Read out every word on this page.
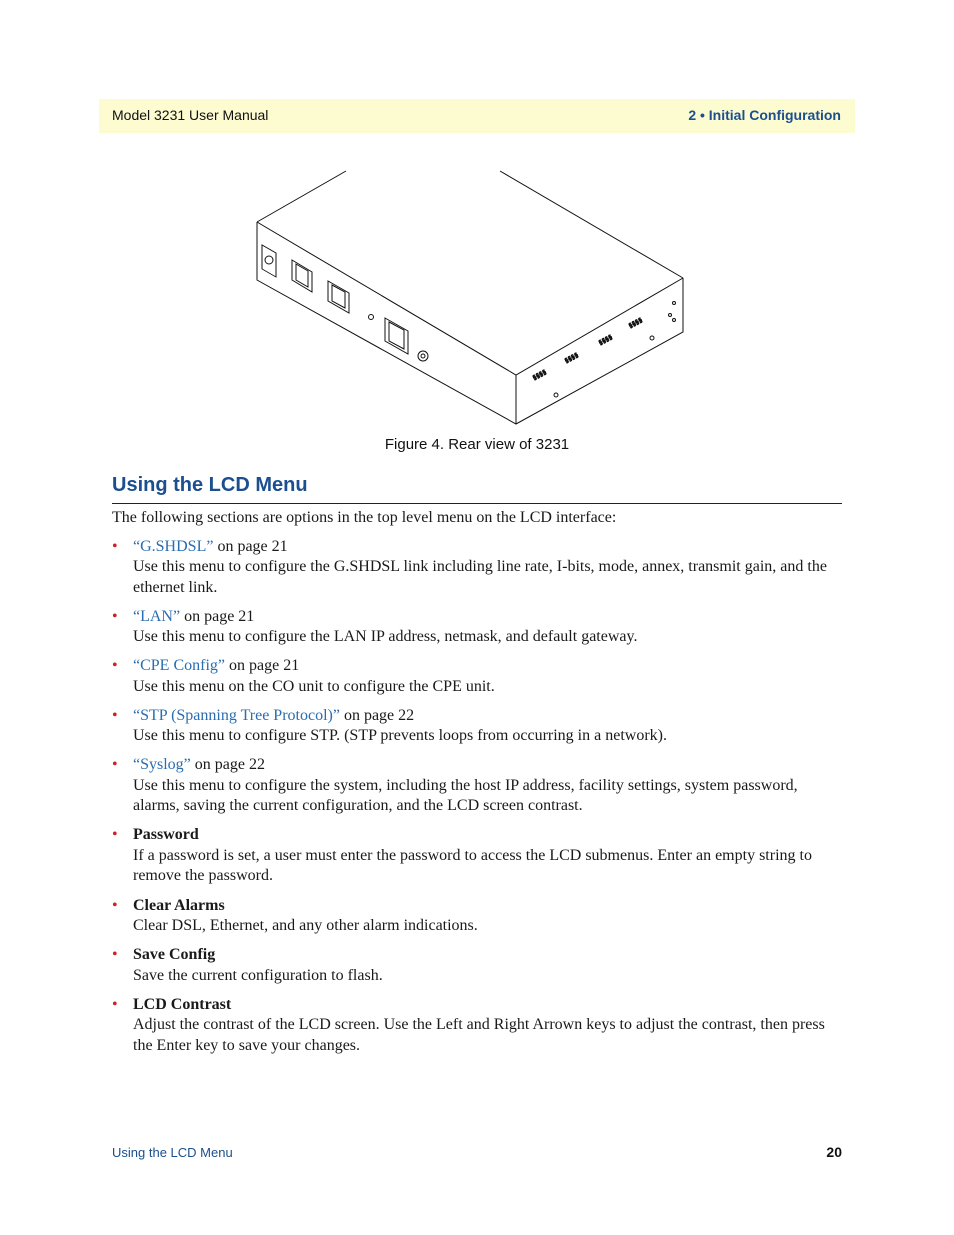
Model 3231 User Manual	2 • Initial Configuration
§§§§
§§§§
§§§§
§§§§
Figure 4. Rear view of 3231
Using the LCD Menu

The following sections are options in the top level menu on the LCD interface:

• “G.SHDSL” on page 21
Use this menu to configure the G.SHDSL link including line rate, I-bits, mode, annex, transmit gain, and the ethernet link.
• “LAN” on page 21
Use this menu to configure the LAN IP address, netmask, and default gateway.
• “CPE Config” on page 21
Use this menu on the CO unit to configure the CPE unit.
• “STP (Spanning Tree Protocol)” on page 22
Use this menu to configure STP. (STP prevents loops from occurring in a network).
• “Syslog” on page 22
Use this menu to configure the system, including the host IP address, facility settings, system password, alarms, saving the current configuration, and the LCD screen contrast.
• Password
If a password is set, a user must enter the password to access the LCD submenus. Enter an empty string to remove the password.
• Clear Alarms
Clear DSL, Ethernet, and any other alarm indications.
• Save Config
Save the current configuration to flash.
• LCD Contrast
Adjust the contrast of the LCD screen. Use the Left and Right Arrown keys to adjust the contrast, then press the Enter key to save your changes.
Using the LCD Menu	20
